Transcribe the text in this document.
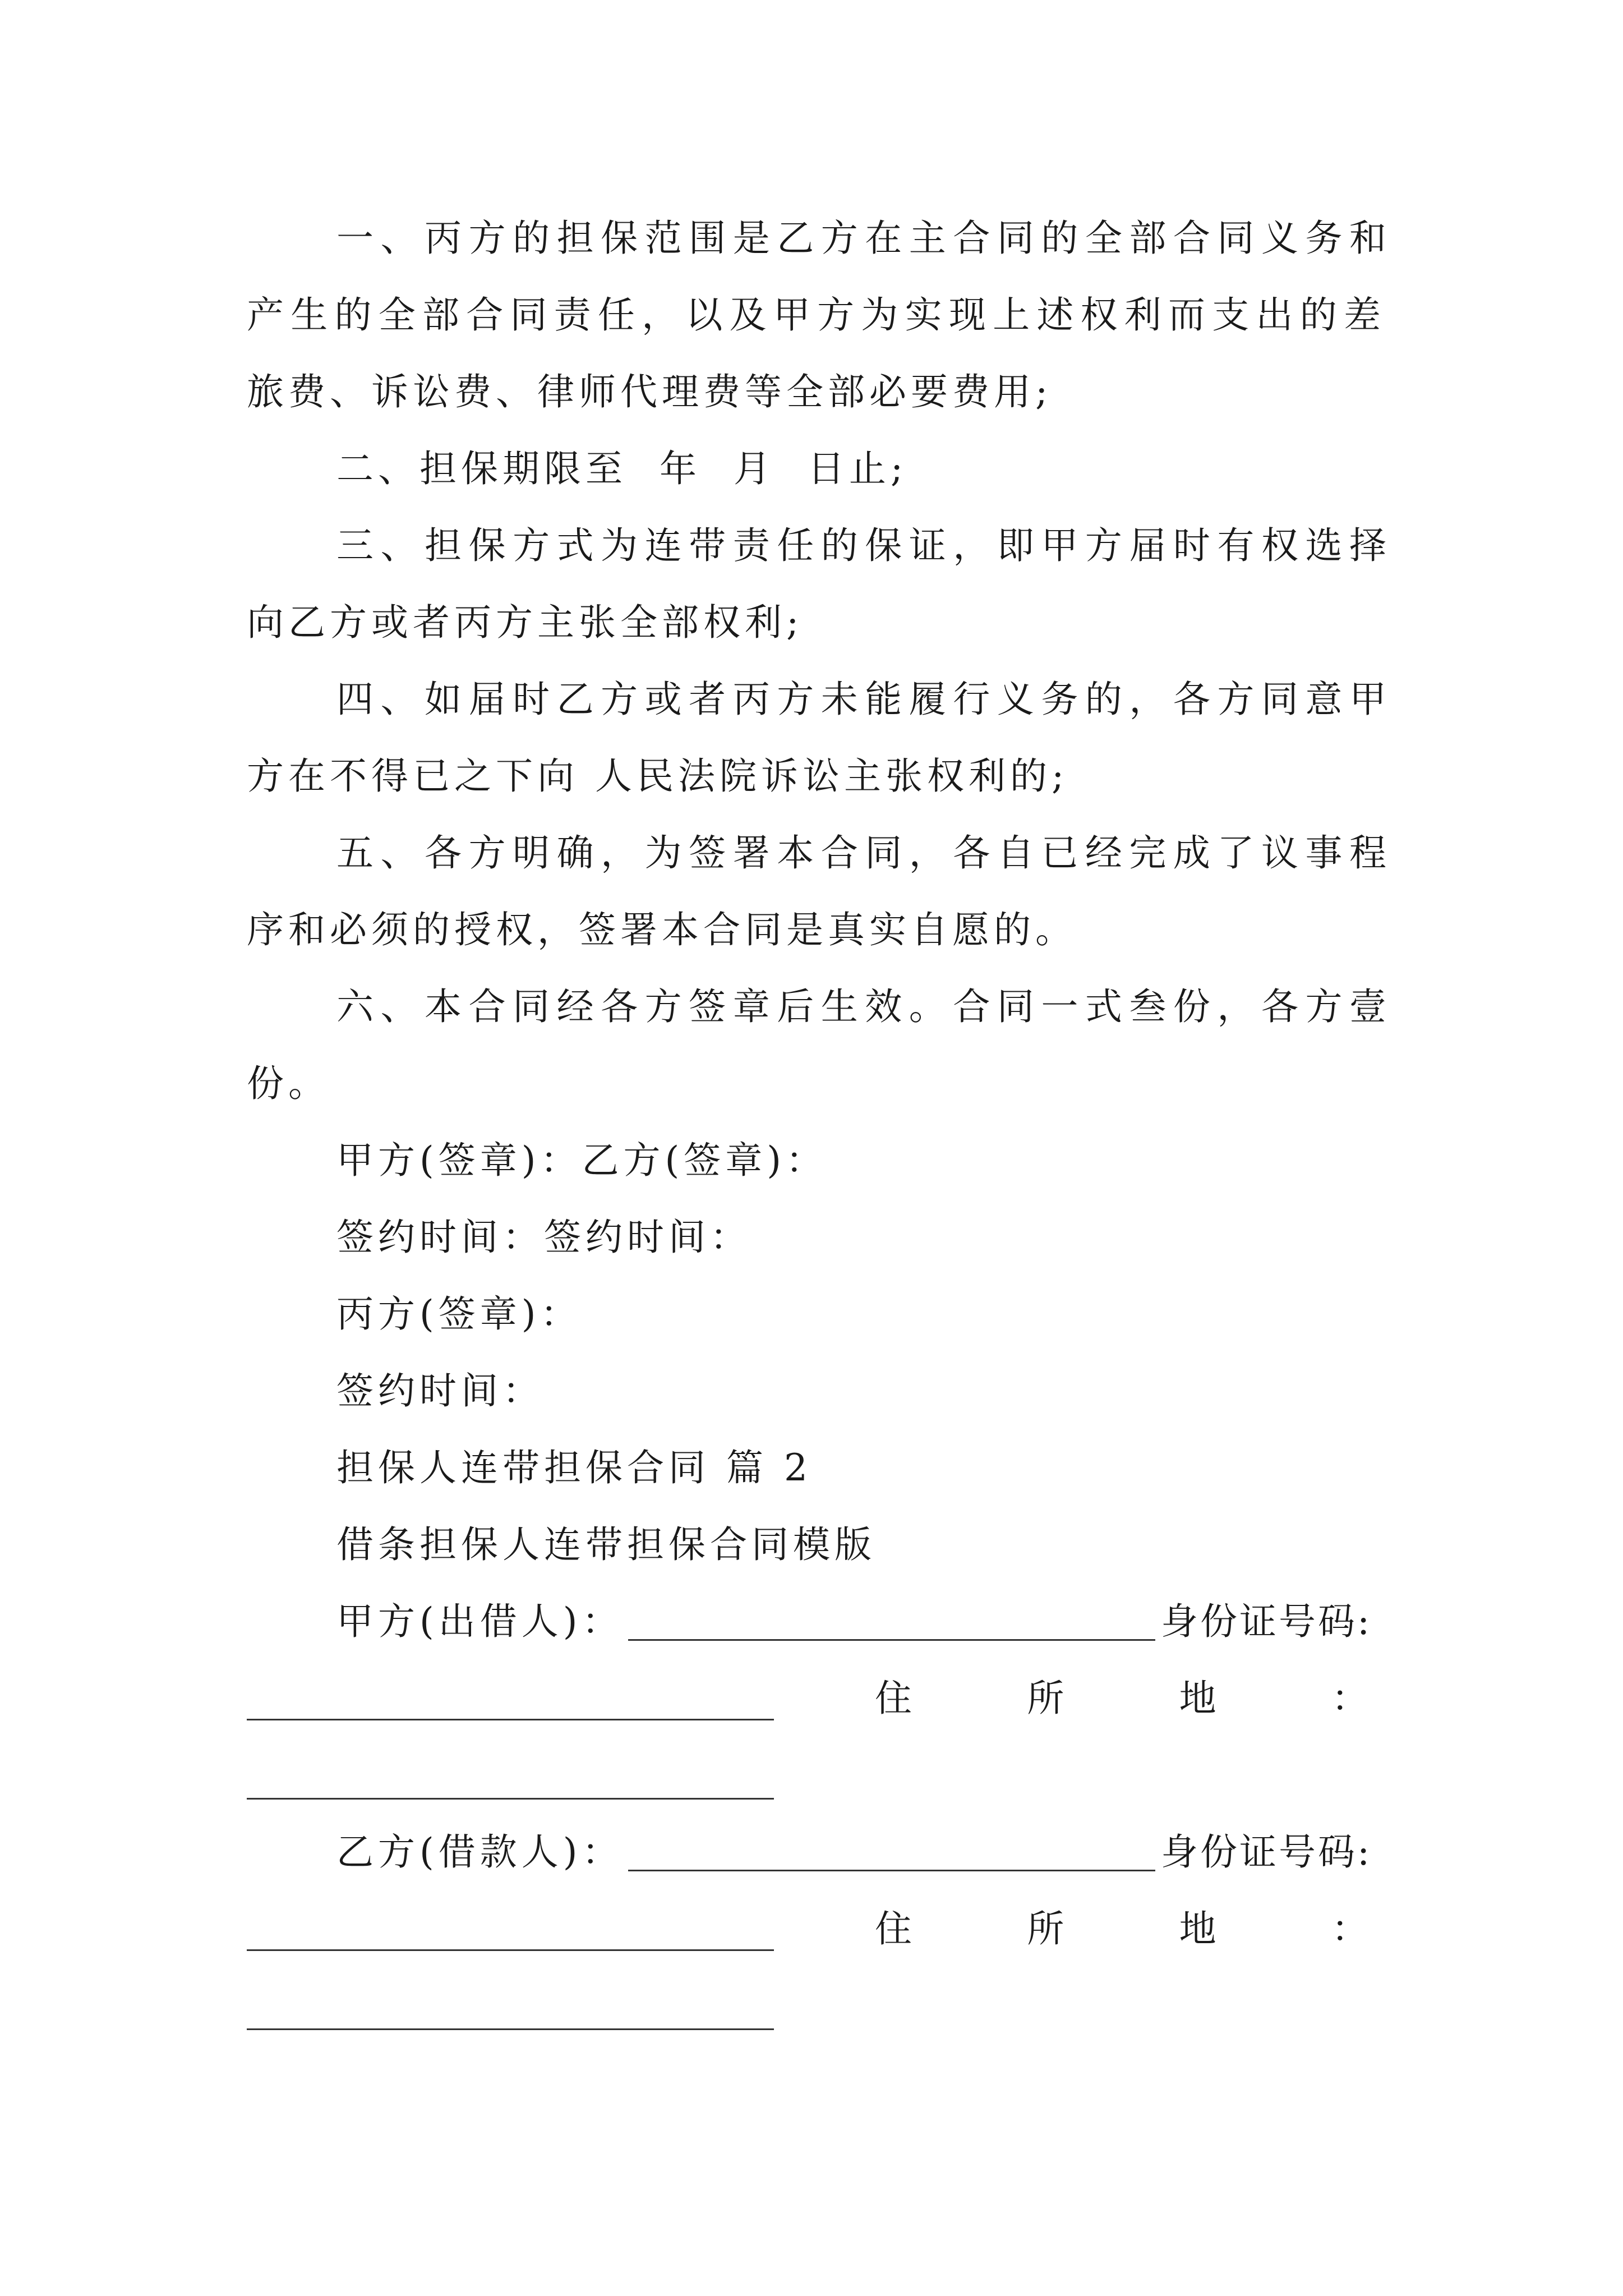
一、丙方的担保范围是乙方在主合同的全部合同义务和
产生的全部合同责任，以及甲方为实现上述权利而支出的差
旅费、诉讼费、律师代理费等全部必要费用;
二、担保期限至  年  月  日止;
三、担保方式为连带责任的保证，即甲方届时有权选择
向乙方或者丙方主张全部权利;
四、如届时乙方或者丙方未能履行义务的，各方同意甲
方在不得已之下向 人民法院诉讼主张权利的;
五、各方明确，为签署本合同，各自已经完成了议事程
序和必须的授权，签署本合同是真实自愿的。
六、本合同经各方签章后生效。合同一式叁份，各方壹
份。
甲方(签章)：乙方(签章)：
签约时间：签约时间：
丙方(签章)：
签约时间：
担保人连带担保合同 篇 2
借条担保人连带担保合同模版
甲方(出借人)：	身份证号码:
住	所	地	：
乙方(借款人)：	身份证号码:
住	所	地	：
